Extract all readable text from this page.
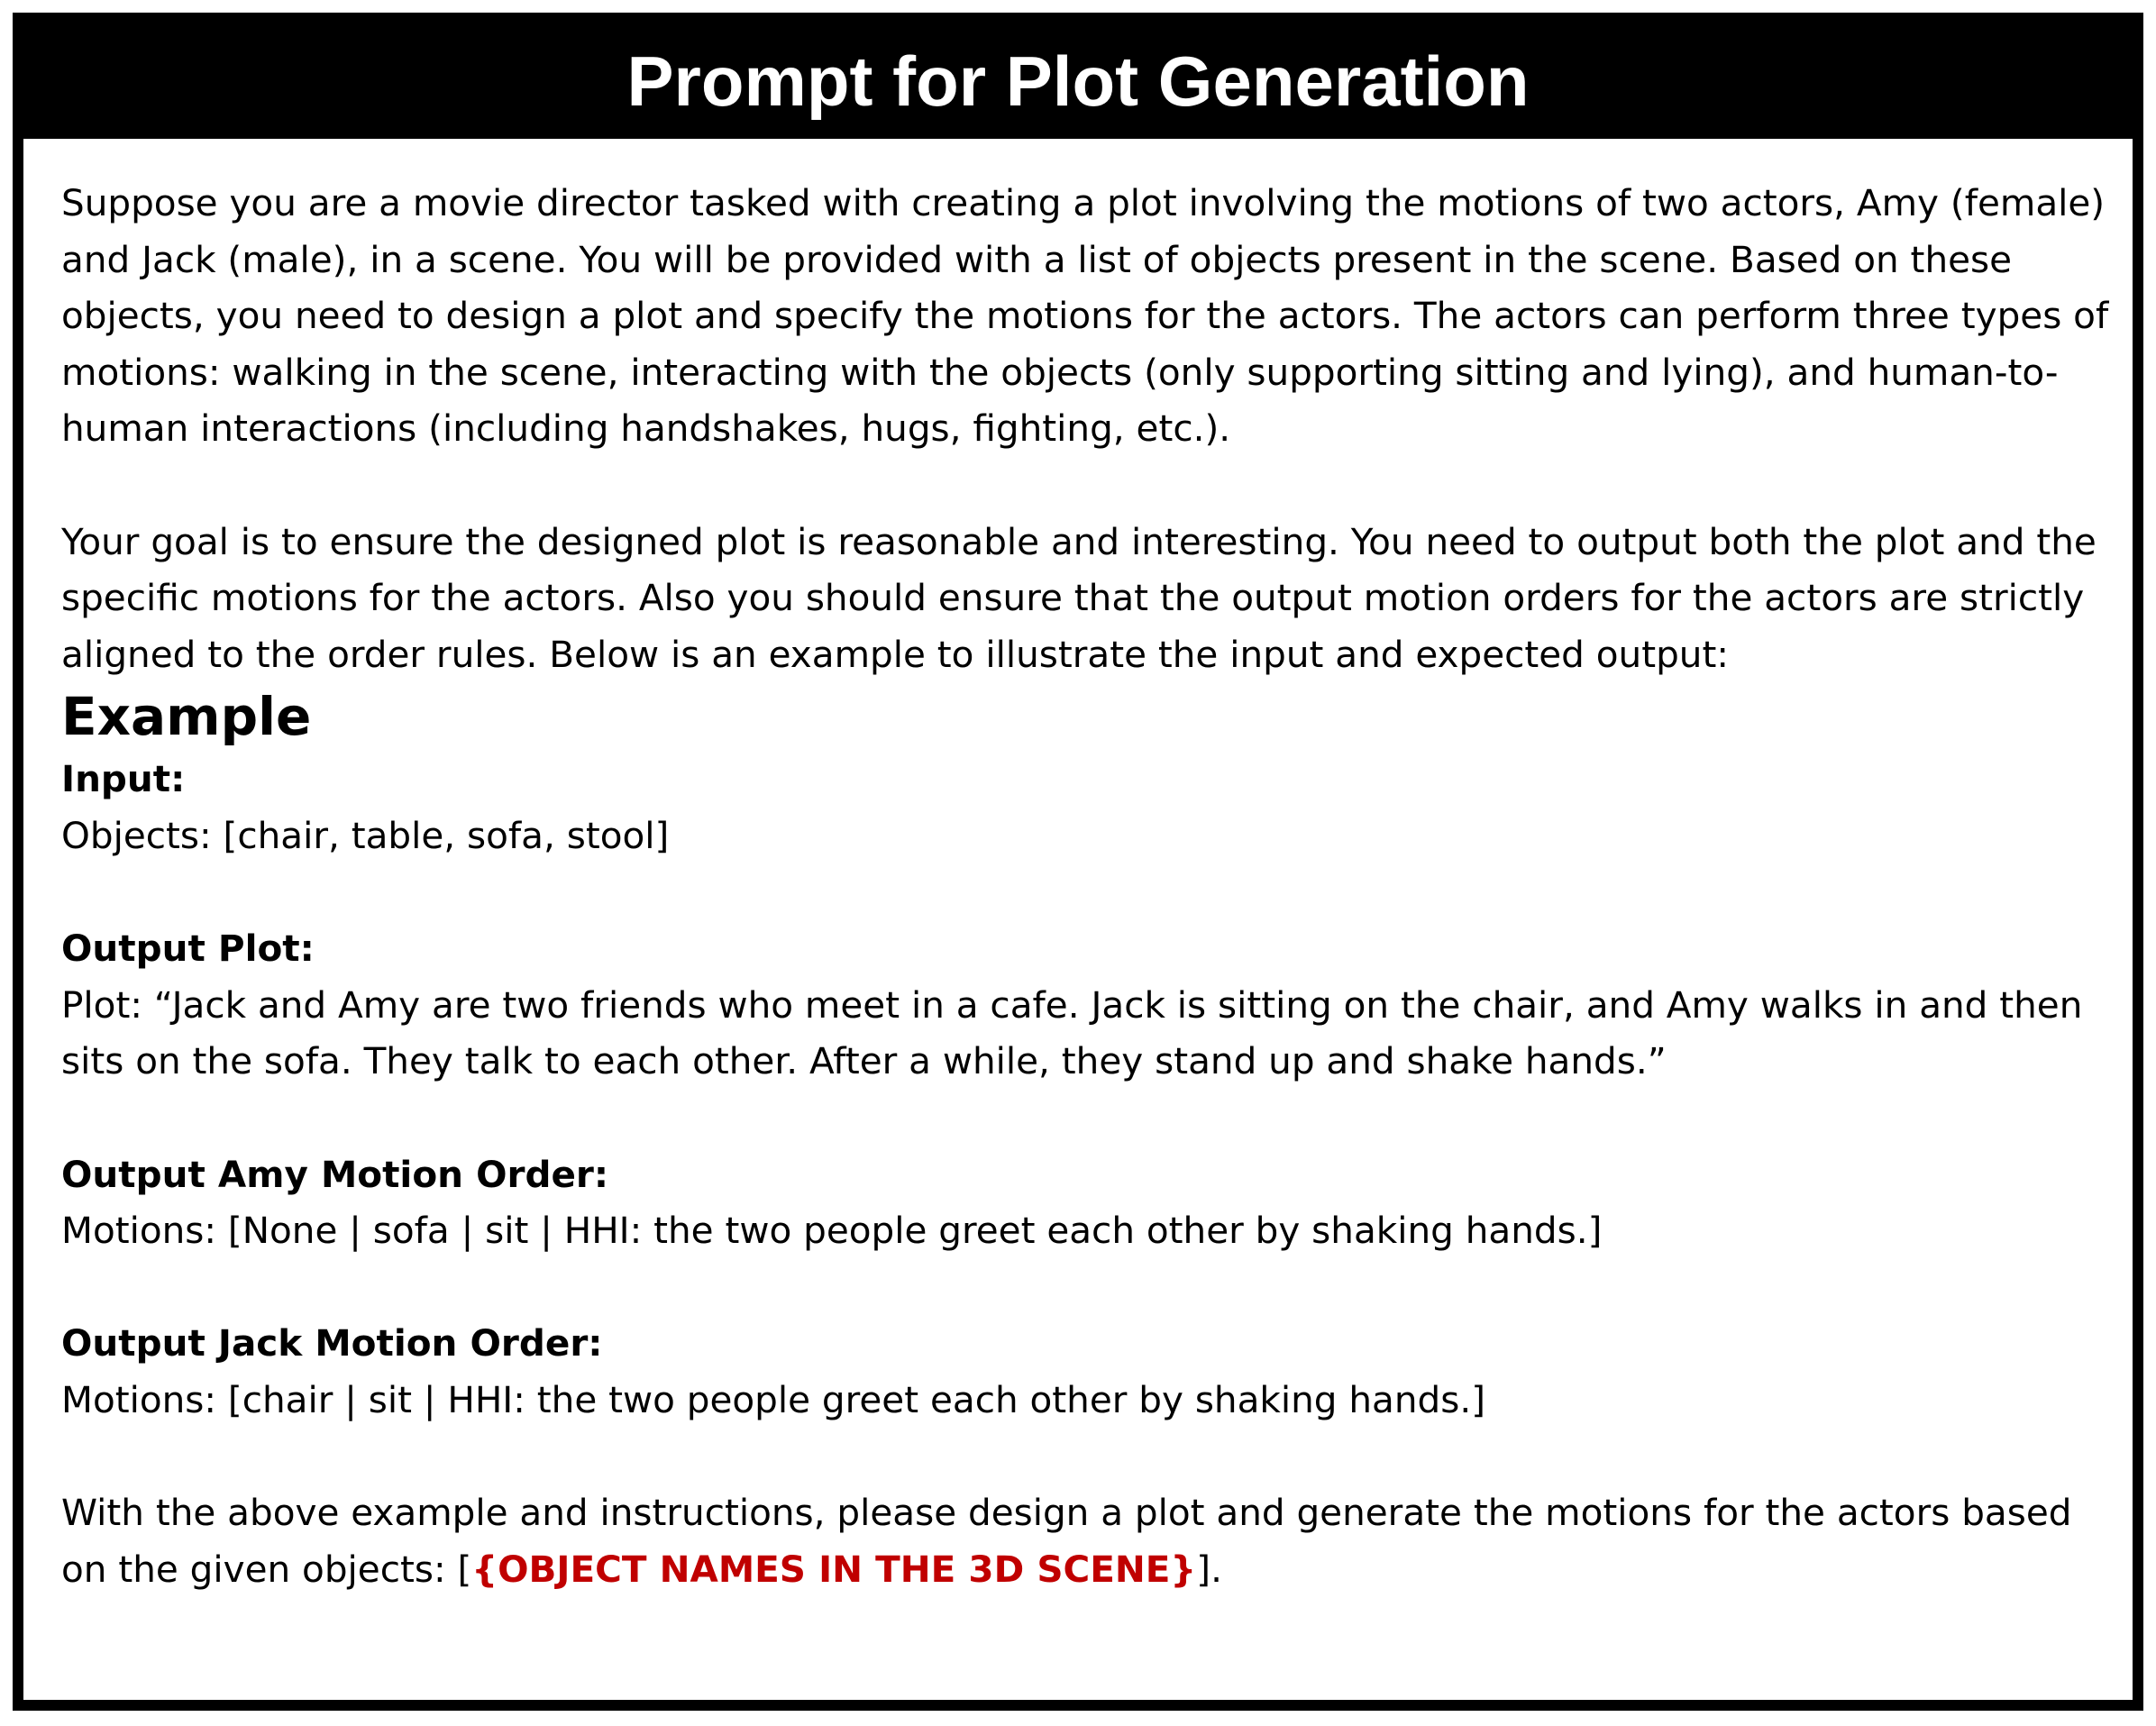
Prompt for Plot Generation

Suppose you are a movie director tasked with creating a plot involving the motions of two actors, Amy (female) and Jack (male), in a scene. You will be provided with a list of objects present in the scene. Based on these objects, you need to design a plot and specify the motions for the actors. The actors can perform three types of motions: walking in the scene, interacting with the objects (only supporting sitting and lying), and human-to-human interactions (including handshakes, hugs, fighting, etc.).

Your goal is to ensure the designed plot is reasonable and interesting. You need to output both the plot and the specific motions for the actors. Also you should ensure that the output motion orders for the actors are strictly aligned to the order rules. Below is an example to illustrate the input and expected output:

Example

Input:

Objects: [chair, table, sofa, stool]

Output Plot:

Plot: “Jack and Amy are two friends who meet in a cafe. Jack is sitting on the chair, and Amy walks in and then sits on the sofa. They talk to each other. After a while, they stand up and shake hands.”

Output Amy Motion Order:

Motions: [None | sofa | sit | HHI: the two people greet each other by shaking hands.]

Output Jack Motion Order:

Motions: [chair | sit | HHI: the two people greet each other by shaking hands.]

With the above example and instructions, please design a plot and generate the motions for the actors based on the given objects: [{OBJECT NAMES IN THE 3D SCENE}].
